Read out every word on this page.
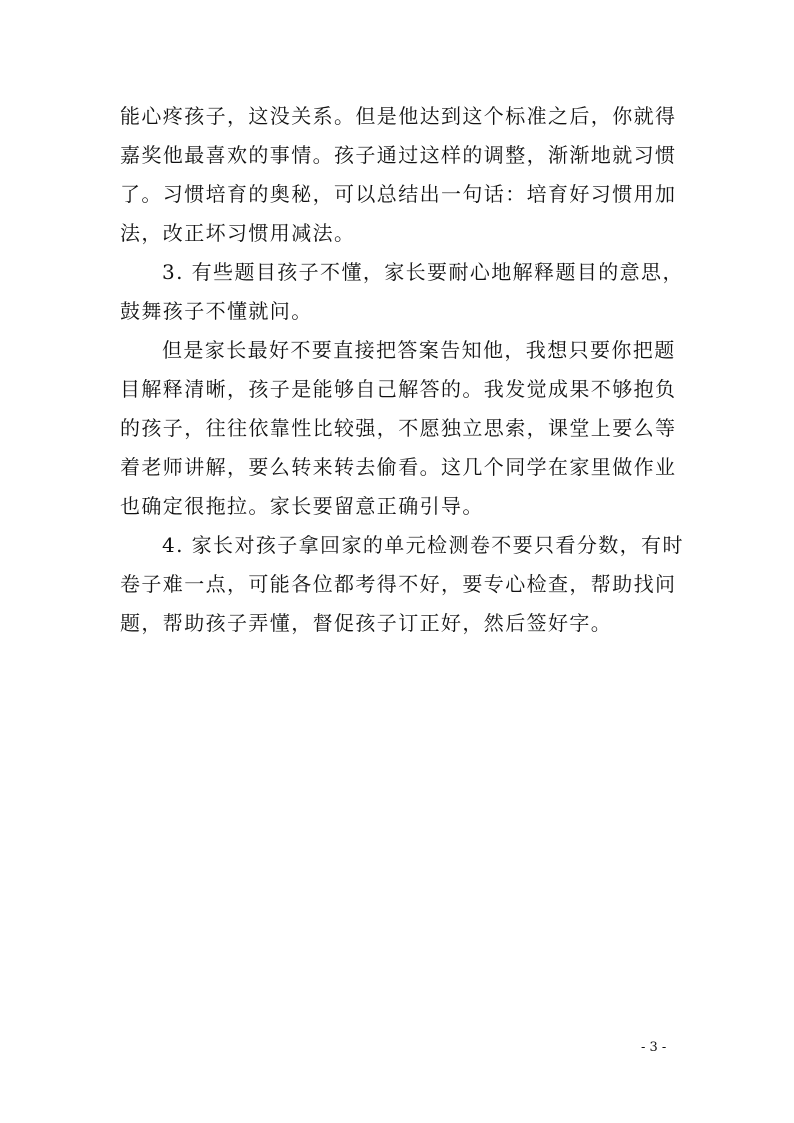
能心疼孩子，这没关系。但是他达到这个标准之后，你就得

嘉奖他最喜欢的事情。孩子通过这样的调整，渐渐地就习惯

了。习惯培育的奥秘，可以总结出一句话：培育好习惯用加

法，改正坏习惯用减法。

3. 有些题目孩子不懂，家长要耐心地解释题目的意思，

鼓舞孩子不懂就问。

但是家长最好不要直接把答案告知他，我想只要你把题

目解释清晰，孩子是能够自己解答的。我发觉成果不够抱负

的孩子，往往依靠性比较强，不愿独立思索，课堂上要么等

着老师讲解，要么转来转去偷看。这几个同学在家里做作业

也确定很拖拉。家长要留意正确引导。

4. 家长对孩子拿回家的单元检测卷不要只看分数，有时

卷子难一点，可能各位都考得不好，要专心检查，帮助找问

题，帮助孩子弄懂，督促孩子订正好，然后签好字。

- 3 -
